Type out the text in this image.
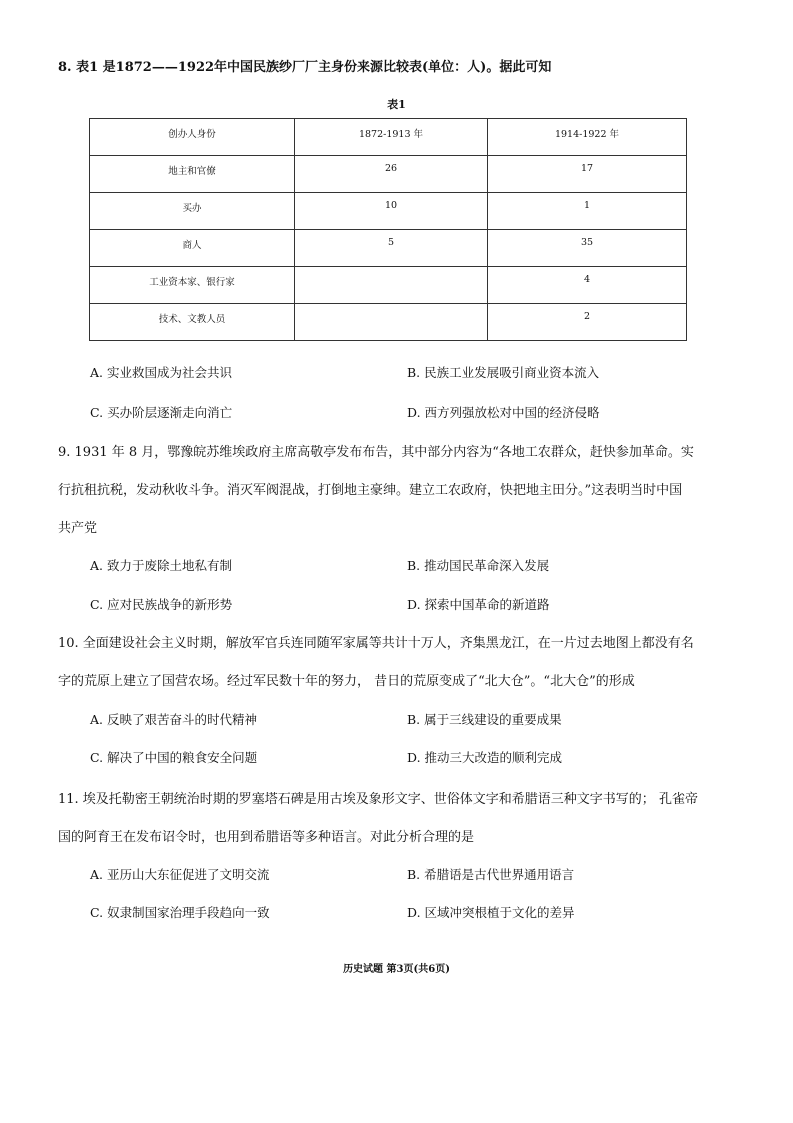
8. 表1 是1872——1922年中国民族纱厂厂主身份来源比较表(单位：人)。据此可知
表1
创办人身份	1872-1913 年	1914-1922 年
地主和官僚	26	17
买办	10	1
商人	5	35
工业资本家、银行家		4
技术、文教人员		2
A. 实业救国成为社会共识	B. 民族工业发展吸引商业资本流入
C. 买办阶层逐渐走向消亡	D. 西方列强放松对中国的经济侵略
9. 1931 年 8 月，鄂豫皖苏维埃政府主席高敬亭发布布告，其中部分内容为“各地工农群众，赶快参加革命。实
行抗租抗税，发动秋收斗争。消灭军阀混战，打倒地主豪绅。建立工农政府，快把地主田分。”这表明当时中国
共产党
A. 致力于废除土地私有制	B. 推动国民革命深入发展
C. 应对民族战争的新形势	D. 探索中国革命的新道路
10. 全面建设社会主义时期，解放军官兵连同随军家属等共计十万人，齐集黑龙江，在一片过去地图上都没有名
字的荒原上建立了国营农场。经过军民数十年的努力， 昔日的荒原变成了“北大仓”。“北大仓”的形成
A. 反映了艰苦奋斗的时代精神	B. 属于三线建设的重要成果
C. 解决了中国的粮食安全问题	D. 推动三大改造的顺利完成
11. 埃及托勒密王朝统治时期的罗塞塔石碑是用古埃及象形文字、世俗体文字和希腊语三种文字书写的； 孔雀帝
国的阿育王在发布诏令时，也用到希腊语等多种语言。对此分析合理的是
A. 亚历山大东征促进了文明交流	B. 希腊语是古代世界通用语言
C. 奴隶制国家治理手段趋向一致	D. 区域冲突根植于文化的差异
历史试题 第3页(共6页)
